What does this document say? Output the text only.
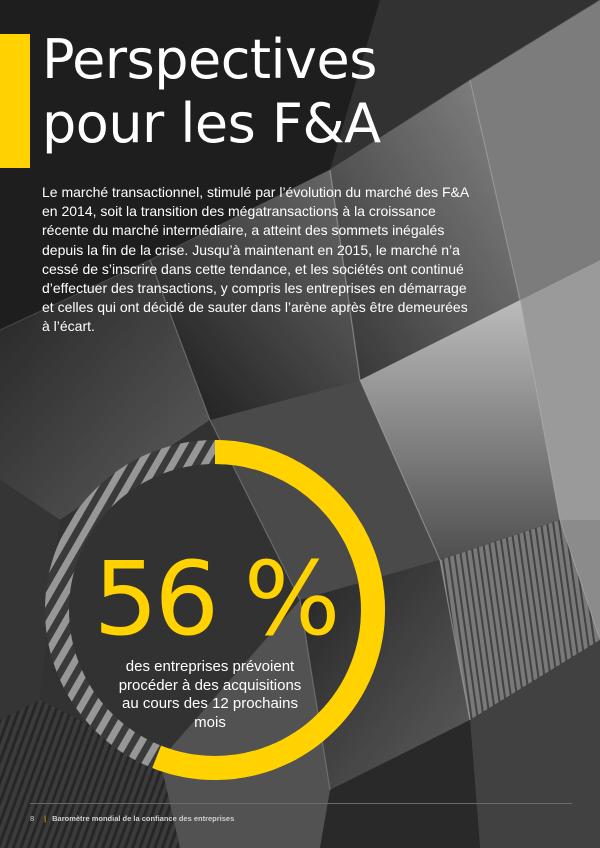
Perspectives
pour les F&A

Le marché transactionnel, stimulé par l’évolution du marché des F&A en 2014, soit la transition des mégatransactions à la croissance récente du marché intermédiaire, a atteint des sommets inégalés depuis la fin de la crise. Jusqu’à maintenant en 2015, le marché n’a cessé de s’inscrire dans cette tendance, et les sociétés ont continué d’effectuer des transactions, y compris les entreprises en démarrage et celles qui ont décidé de sauter dans l’arène après être demeurées à l’écart.

56 %
des entreprises prévoient procéder à des acquisitions au cours des 12 prochains mois
8 | Baromètre mondial de la confiance des entreprises
